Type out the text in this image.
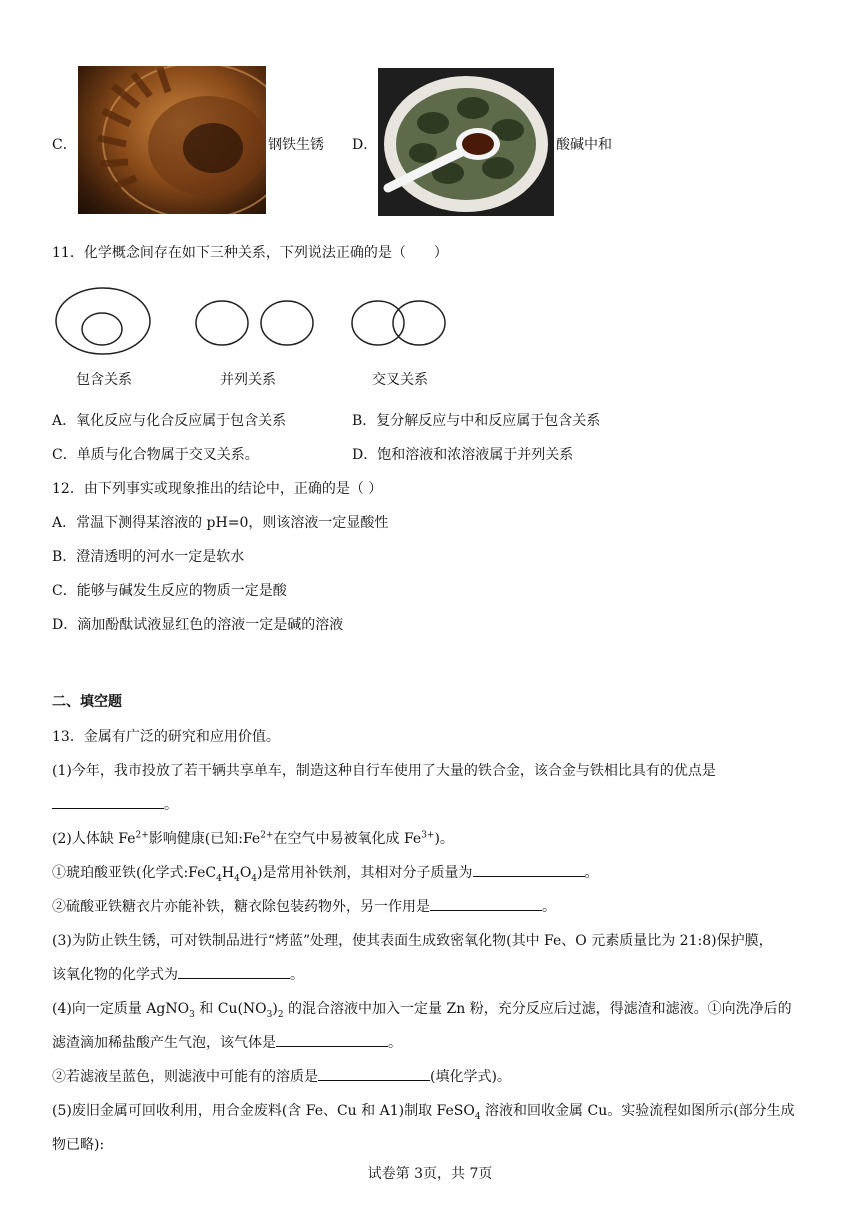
C．	钢铁生锈 D．	酸碱中和
11．化学概念间存在如下三种关系，下列说法正确的是（　　）
包含关系	并列关系	交叉关系
A．氧化反应与化合反应属于包含关系	B．复分解反应与中和反应属于包含关系
C．单质与化合物属于交叉关系。	D．饱和溶液和浓溶液属于并列关系
12．由下列事实或现象推出的结论中，正确的是（ ）
A．常温下测得某溶液的 pH=0，则该溶液一定显酸性
B．澄清透明的河水一定是软水
C．能够与碱发生反应的物质一定是酸
D．滴加酚酞试液显红色的溶液一定是碱的溶液
二、填空题
13．金属有广泛的研究和应用价值。
(1)今年，我市投放了若干辆共享单车，制造这种自行车使用了大量的铁合金，该合金与铁相比具有的优点是
。
(2)人体缺 $Fe^{2+}$影响健康(已知$:Fe^{2+}$在空气中易被氧化成 $Fe^{3+}$)。
①琥珀酸亚铁(化学式$:FeC_4H_4O_4$)是常用补铁剂，其相对分子质量为	。
②硫酸亚铁糖衣片亦能补铁，糖衣除包装药物外，另一作用是	。
(3)为防止铁生锈，可对铁制品进行“烤蓝”处理，使其表面生成致密氧化物(其中 Fe、O 元素质量比为 21:8)保护膜，
该氧化物的化学式为	。
(4)向一定质量 AgNO$_3$ 和 $Cu(NO_3)_2$ 的混合溶液中加入一定量 Zn 粉，充分反应后过滤，得滤渣和滤液。①向洗净后的
滤渣滴加稀盐酸产生气泡，该气体是	。
②若滤液呈蓝色，则滤液中可能有的溶质是	(填化学式)。
(5)废旧金属可回收利用，用合金废料(含 Fe、Cu 和 A1)制取 FeSO$_4$ 溶液和回收金属 Cu。实验流程如图所示(部分生成
物已略):
试卷第 3页，共 7页
